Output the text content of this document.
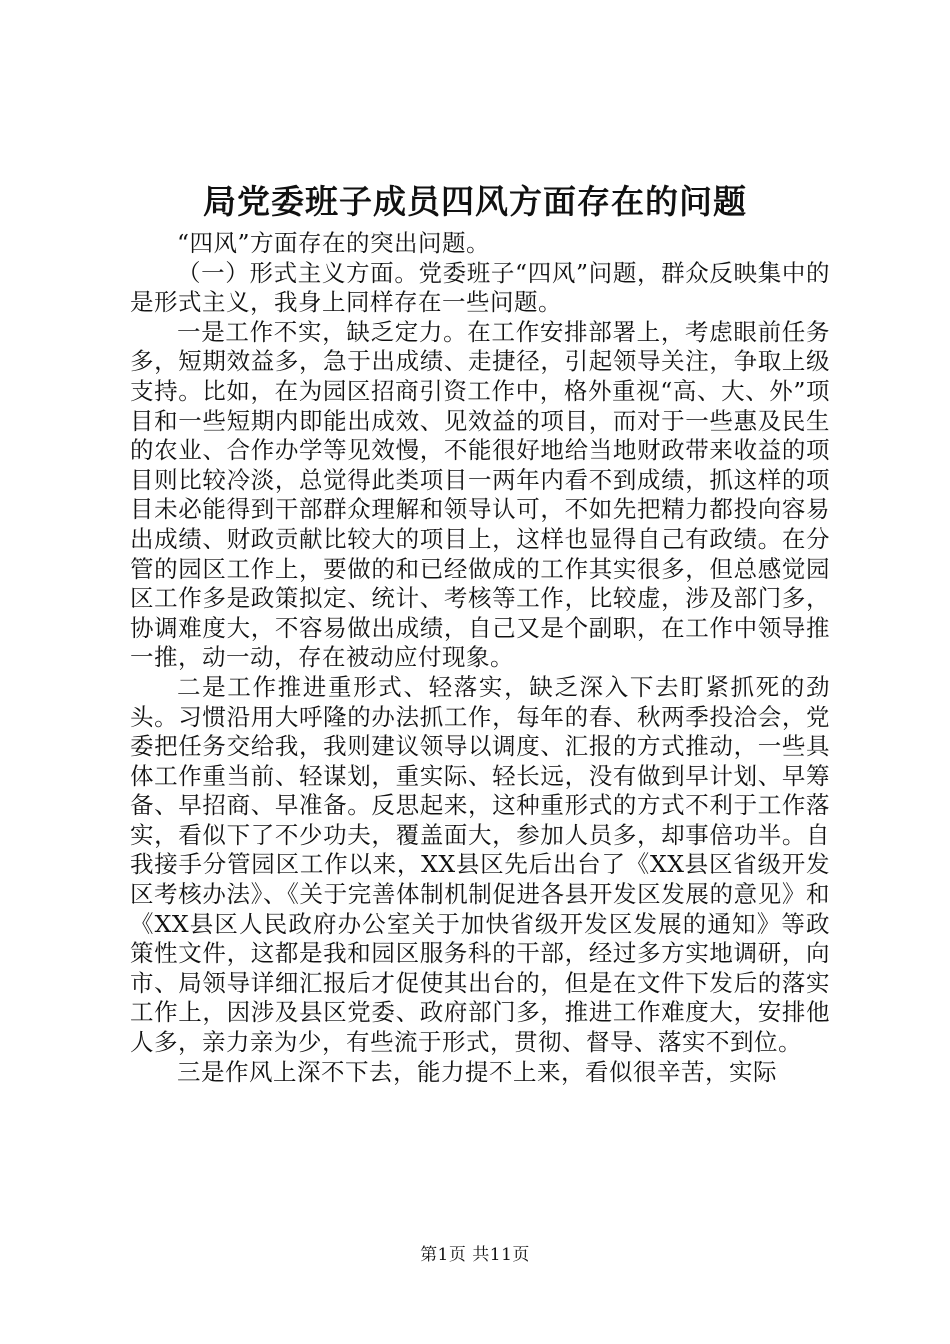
局党委班子成员四风方面存在的问题

“四风”方面存在的突出问题。

（一）形式主义方面。党委班子“四风”问题，群众反映集中的是形式主义，我身上同样存在一些问题。

一是工作不实，缺乏定力。在工作安排部署上，考虑眼前任务多，短期效益多，急于出成绩、走捷径，引起领导关注，争取上级支持。比如，在为园区招商引资工作中，格外重视“高、大、外”项目和一些短期内即能出成效、见效益的项目，而对于一些惠及民生的农业、合作办学等见效慢，不能很好地给当地财政带来收益的项目则比较冷淡，总觉得此类项目一两年内看不到成绩，抓这样的项目未必能得到干部群众理解和领导认可，不如先把精力都投向容易出成绩、财政贡献比较大的项目上，这样也显得自己有政绩。在分管的园区工作上，要做的和已经做成的工作其实很多，但总感觉园区工作多是政策拟定、统计、考核等工作，比较虚，涉及部门多，协调难度大，不容易做出成绩，自己又是个副职，在工作中领导推一推，动一动，存在被动应付现象。

二是工作推进重形式、轻落实，缺乏深入下去盯紧抓死的劲头。习惯沿用大呼隆的办法抓工作，每年的春、秋两季投洽会，党委把任务交给我，我则建议领导以调度、汇报的方式推动，一些具体工作重当前、轻谋划，重实际、轻长远，没有做到早计划、早筹备、早招商、早准备。反思起来，这种重形式的方式不利于工作落实，看似下了不少功夫，覆盖面大，参加人员多，却事倍功半。自我接手分管园区工作以来，XX县区先后出台了《XX县区省级开发区考核办法》、《关于完善体制机制促进各县开发区发展的意见》和《XX县区人民政府办公室关于加快省级开发区发展的通知》等政策性文件，这都是我和园区服务科的干部，经过多方实地调研，向市、局领导详细汇报后才促使其出台的，但是在文件下发后的落实工作上，因涉及县区党委、政府部门多，推进工作难度大，安排他人多，亲力亲为少，有些流于形式，贯彻、督导、落实不到位。

三是作风上深不下去，能力提不上来，看似很辛苦，实际

第1页 共11页
